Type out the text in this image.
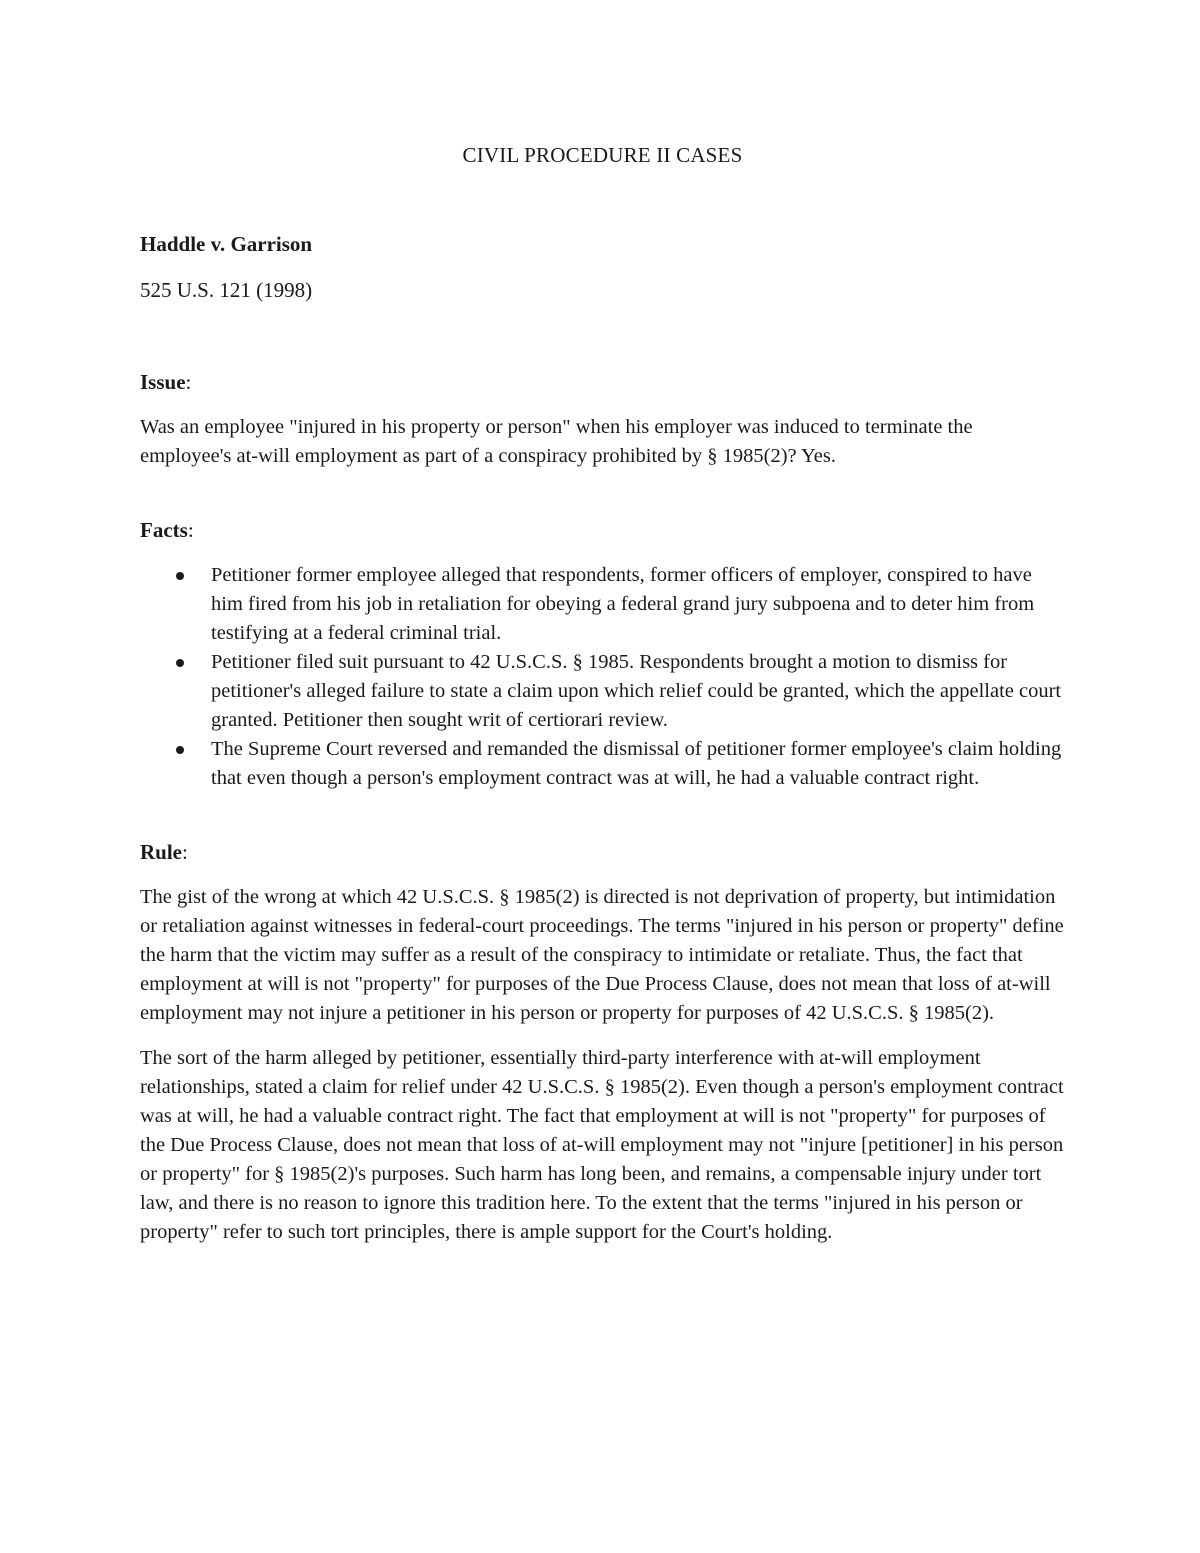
CIVIL PROCEDURE II CASES
Haddle v. Garrison
525 U.S. 121 (1998)
Issue:

Was an employee "injured in his property or person" when his employer was induced to terminate the employee's at-will employment as part of a conspiracy prohibited by § 1985(2)? Yes.

Facts:
Petitioner former employee alleged that respondents, former officers of employer, conspired to have him fired from his job in retaliation for obeying a federal grand jury subpoena and to deter him from testifying at a federal criminal trial.
Petitioner filed suit pursuant to 42 U.S.C.S. § 1985. Respondents brought a motion to dismiss for petitioner's alleged failure to state a claim upon which relief could be granted, which the appellate court granted. Petitioner then sought writ of certiorari review.
The Supreme Court reversed and remanded the dismissal of petitioner former employee's claim holding that even though a person's employment contract was at will, he had a valuable contract right.
Rule:

The gist of the wrong at which 42 U.S.C.S. § 1985(2) is directed is not deprivation of property, but intimidation or retaliation against witnesses in federal-court proceedings. The terms "injured in his person or property" define the harm that the victim may suffer as a result of the conspiracy to intimidate or retaliate. Thus, the fact that employment at will is not "property" for purposes of the Due Process Clause, does not mean that loss of at-will employment may not injure a petitioner in his person or property for purposes of 42 U.S.C.S. § 1985(2).

The sort of the harm alleged by petitioner, essentially third-party interference with at-will employment relationships, stated a claim for relief under 42 U.S.C.S. § 1985(2). Even though a person's employment contract was at will, he had a valuable contract right. The fact that employment at will is not "property" for purposes of the Due Process Clause, does not mean that loss of at-will employment may not "injure [petitioner] in his person or property" for § 1985(2)'s purposes. Such harm has long been, and remains, a compensable injury under tort law, and there is no reason to ignore this tradition here. To the extent that the terms "injured in his person or property" refer to such tort principles, there is ample support for the Court's holding.
